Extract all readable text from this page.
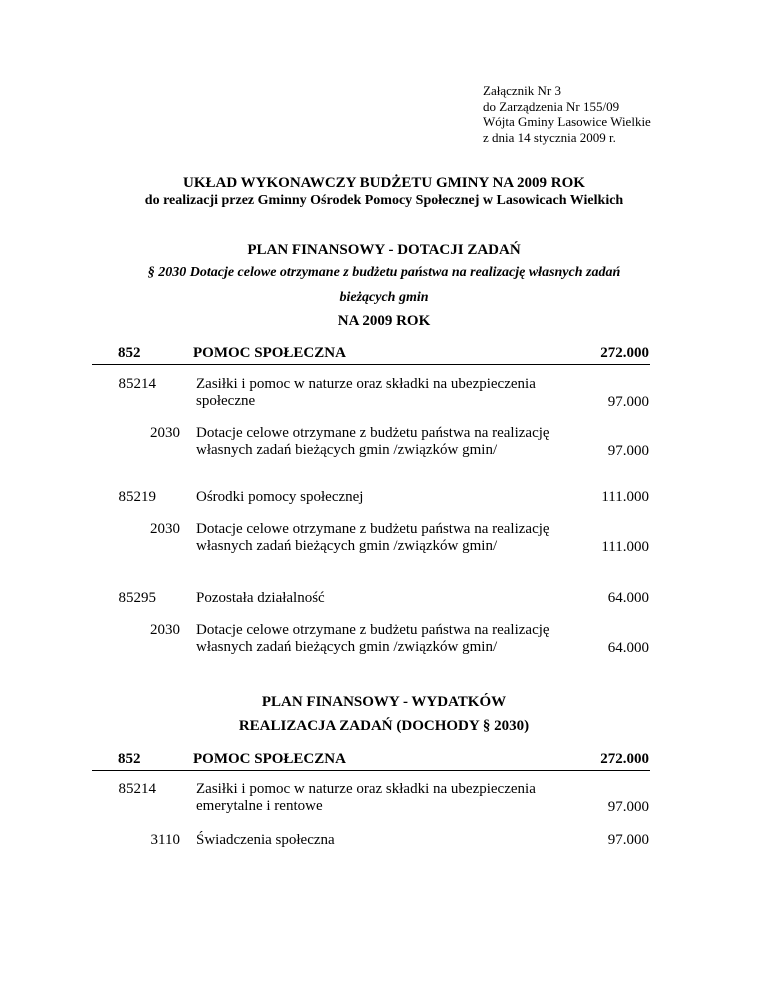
Załącznik Nr 3
do Zarządzenia Nr 155/09
Wójta Gminy Lasowice Wielkie
z dnia 14 stycznia 2009 r.
UKŁAD WYKONAWCZY BUDŻETU GMINY NA 2009 ROK
do realizacji przez Gminny Ośrodek Pomocy Społecznej w Lasowicach Wielkich
PLAN FINANSOWY - DOTACJI ZADAŃ
§ 2030 Dotacje celowe otrzymane z budżetu państwa na realizację własnych zadań
bieżących gmin
NA 2009 ROK
852	POMOC SPOŁECZNA	272.000
85214	Zasiłki i pomoc w naturze oraz składki na ubezpieczenia
społeczne	97.000
2030 Dotacje celowe otrzymane z budżetu państwa na realizację
własnych zadań bieżących gmin /związków gmin/	97.000
85219	Ośrodki pomocy społecznej	111.000
2030 Dotacje celowe otrzymane z budżetu państwa na realizację
własnych zadań bieżących gmin /związków gmin/	111.000
85295	Pozostała działalność	64.000
2030 Dotacje celowe otrzymane z budżetu państwa na realizację
własnych zadań bieżących gmin /związków gmin/	64.000
PLAN FINANSOWY - WYDATKÓW
REALIZACJA ZADAŃ (DOCHODY § 2030)
852	POMOC SPOŁECZNA	272.000
85214	Zasiłki i pomoc w naturze oraz składki na ubezpieczenia
emerytalne i rentowe	97.000
3110 Świadczenia społeczna	97.000
